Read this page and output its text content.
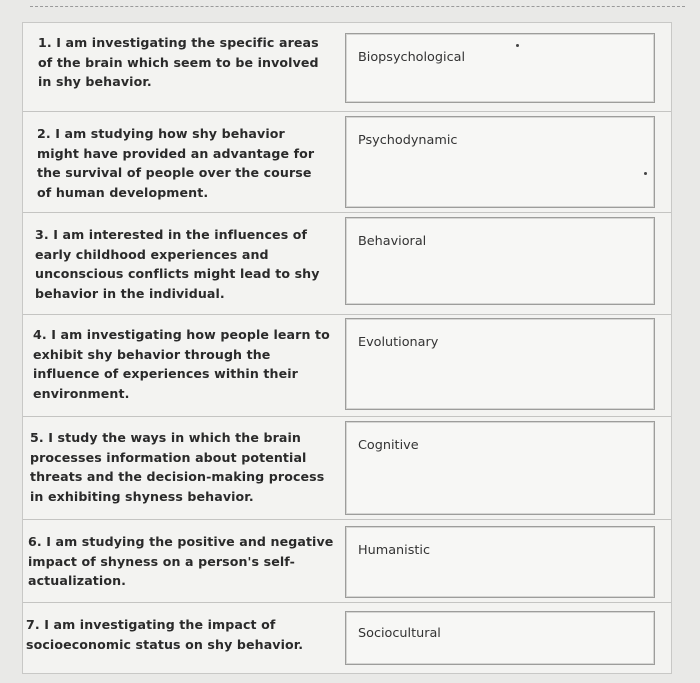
1. I am investigating the specific areas of the brain which seem to be involved in shy behavior.
Biopsychological
2. I am studying how shy behavior might have provided an advantage for the survival of people over the course of human development.
Psychodynamic
3. I am interested in the influences of early childhood experiences and unconscious conflicts might lead to shy behavior in the individual.
Behavioral
4. I am investigating how people learn to exhibit shy behavior through the influence of experiences within their environment.
Evolutionary
5. I study the ways in which the brain processes information about potential threats and the decision-making process in exhibiting shyness behavior.
Cognitive
6. I am studying the positive and negative impact of shyness on a person's self-actualization.
Humanistic
7. I am investigating the impact of socioeconomic status on shy behavior.
Sociocultural
